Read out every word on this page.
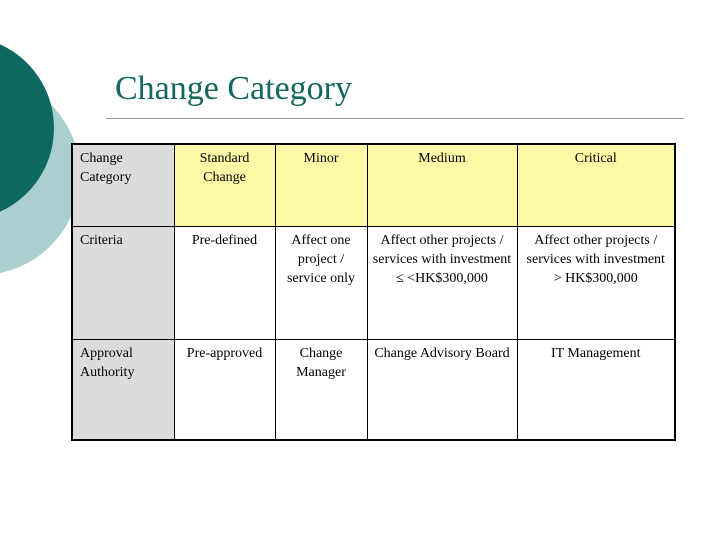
Change Category
Change Category	Standard Change	Minor	Medium	Critical
Criteria	Pre-defined	Affect one project / service only	Affect other projects / services with investment ≤ <HK$300,000	Affect other projects / services with investment > HK$300,000
Approval Authority	Pre-approved	Change Manager	Change Advisory Board	IT Management
